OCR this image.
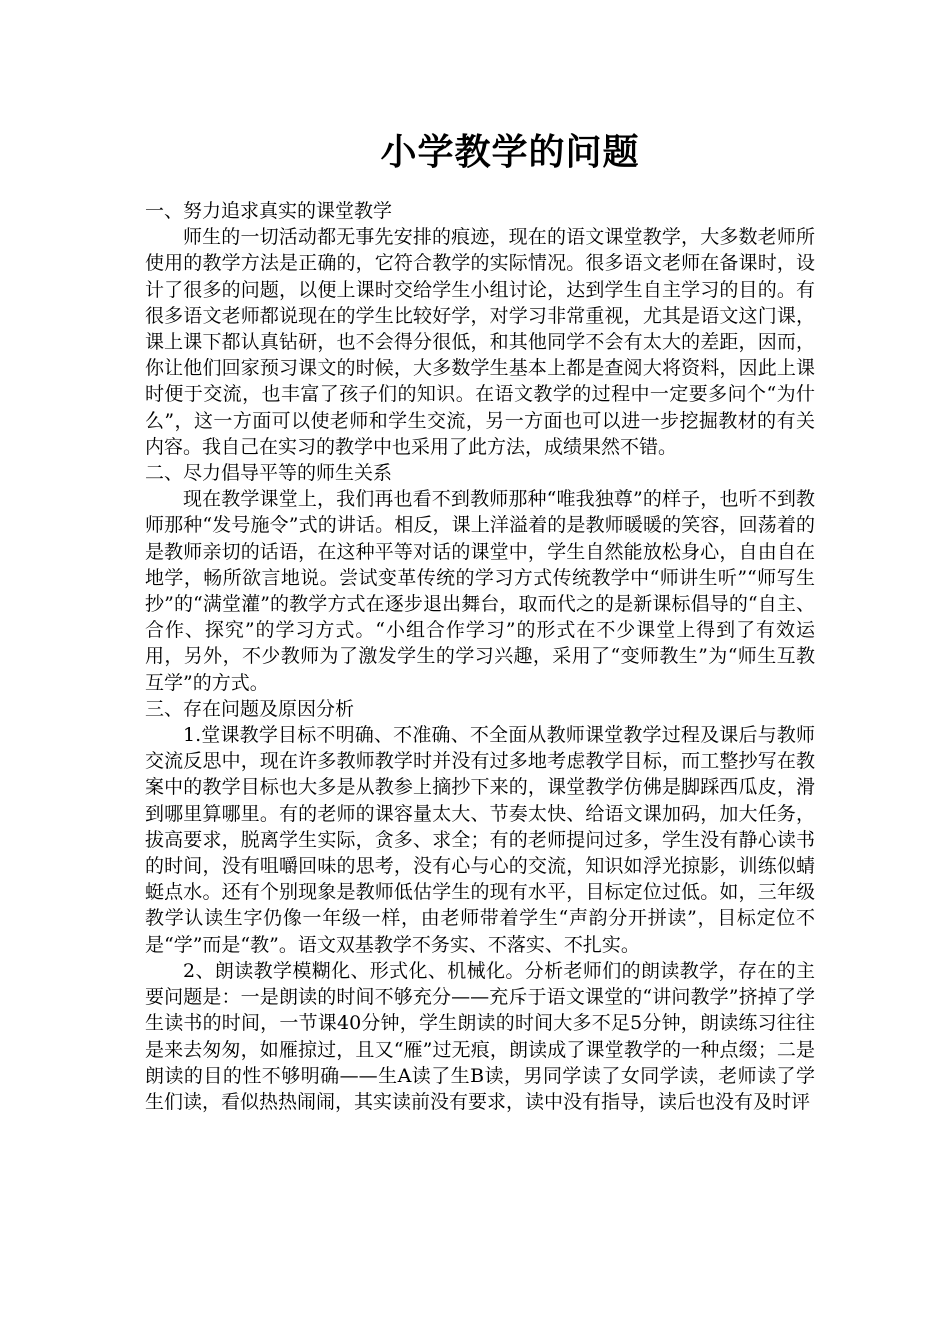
小学教学的问题

一、努力追求真实的课堂教学

师生的一切活动都无事先安排的痕迹，现在的语文课堂教学，大多数老师所使用的教学方法是正确的，它符合教学的实际情况。很多语文老师在备课时，设计了很多的问题，以便上课时交给学生小组讨论，达到学生自主学习的目的。有很多语文老师都说现在的学生比较好学，对学习非常重视，尤其是语文这门课，课上课下都认真钻研，也不会得分很低，和其他同学不会有太大的差距，因而，你让他们回家预习课文的时候，大多数学生基本上都是查阅大将资料，因此上课时便于交流，也丰富了孩子们的知识。在语文教学的过程中一定要多问个“为什么”，这一方面可以使老师和学生交流，另一方面也可以进一步挖掘教材的有关内容。我自己在实习的教学中也采用了此方法，成绩果然不错。

二、尽力倡导平等的师生关系

现在教学课堂上，我们再也看不到教师那种“唯我独尊”的样子，也听不到教师那种“发号施令”式的讲话。相反，课上洋溢着的是教师暖暖的笑容，回荡着的是教师亲切的话语，在这种平等对话的课堂中，学生自然能放松身心，自由自在地学，畅所欲言地说。尝试变革传统的学习方式传统教学中“师讲生听”“师写生抄”的“满堂灌”的教学方式在逐步退出舞台，取而代之的是新课标倡导的“自主、合作、探究”的学习方式。“小组合作学习”的形式在不少课堂上得到了有效运用，另外，不少教师为了激发学生的学习兴趣，采用了“变师教生”为“师生互教互学”的方式。

三、存在问题及原因分析

1.堂课教学目标不明确、不准确、不全面从教师课堂教学过程及课后与教师交流反思中，现在许多教师教学时并没有过多地考虑教学目标，而工整抄写在教案中的教学目标也大多是从教参上摘抄下来的，课堂教学仿佛是脚踩西瓜皮，滑到哪里算哪里。有的老师的课容量太大、节奏太快、给语文课加码，加大任务，拔高要求，脱离学生实际，贪多、求全；有的老师提问过多，学生没有静心读书的时间，没有咀嚼回味的思考，没有心与心的交流，知识如浮光掠影，训练似蜻蜓点水。还有个别现象是教师低估学生的现有水平，目标定位过低。如，三年级教学认读生字仍像一年级一样，由老师带着学生“声韵分开拼读”，目标定位不是“学”而是“教”。语文双基教学不务实、不落实、不扎实。

2、朗读教学模糊化、形式化、机械化。分析老师们的朗读教学，存在的主要问题是：一是朗读的时间不够充分——充斥于语文课堂的“讲问教学”挤掉了学生读书的时间，一节课40分钟，学生朗读的时间大多不足5分钟，朗读练习往往是来去匆匆，如雁掠过，且又“雁”过无痕，朗读成了课堂教学的一种点缀；二是朗读的目的性不够明确——生A读了生B读，男同学读了女同学读，老师读了学生们读，看似热热闹闹，其实读前没有要求，读中没有指导，读后也没有及时评
